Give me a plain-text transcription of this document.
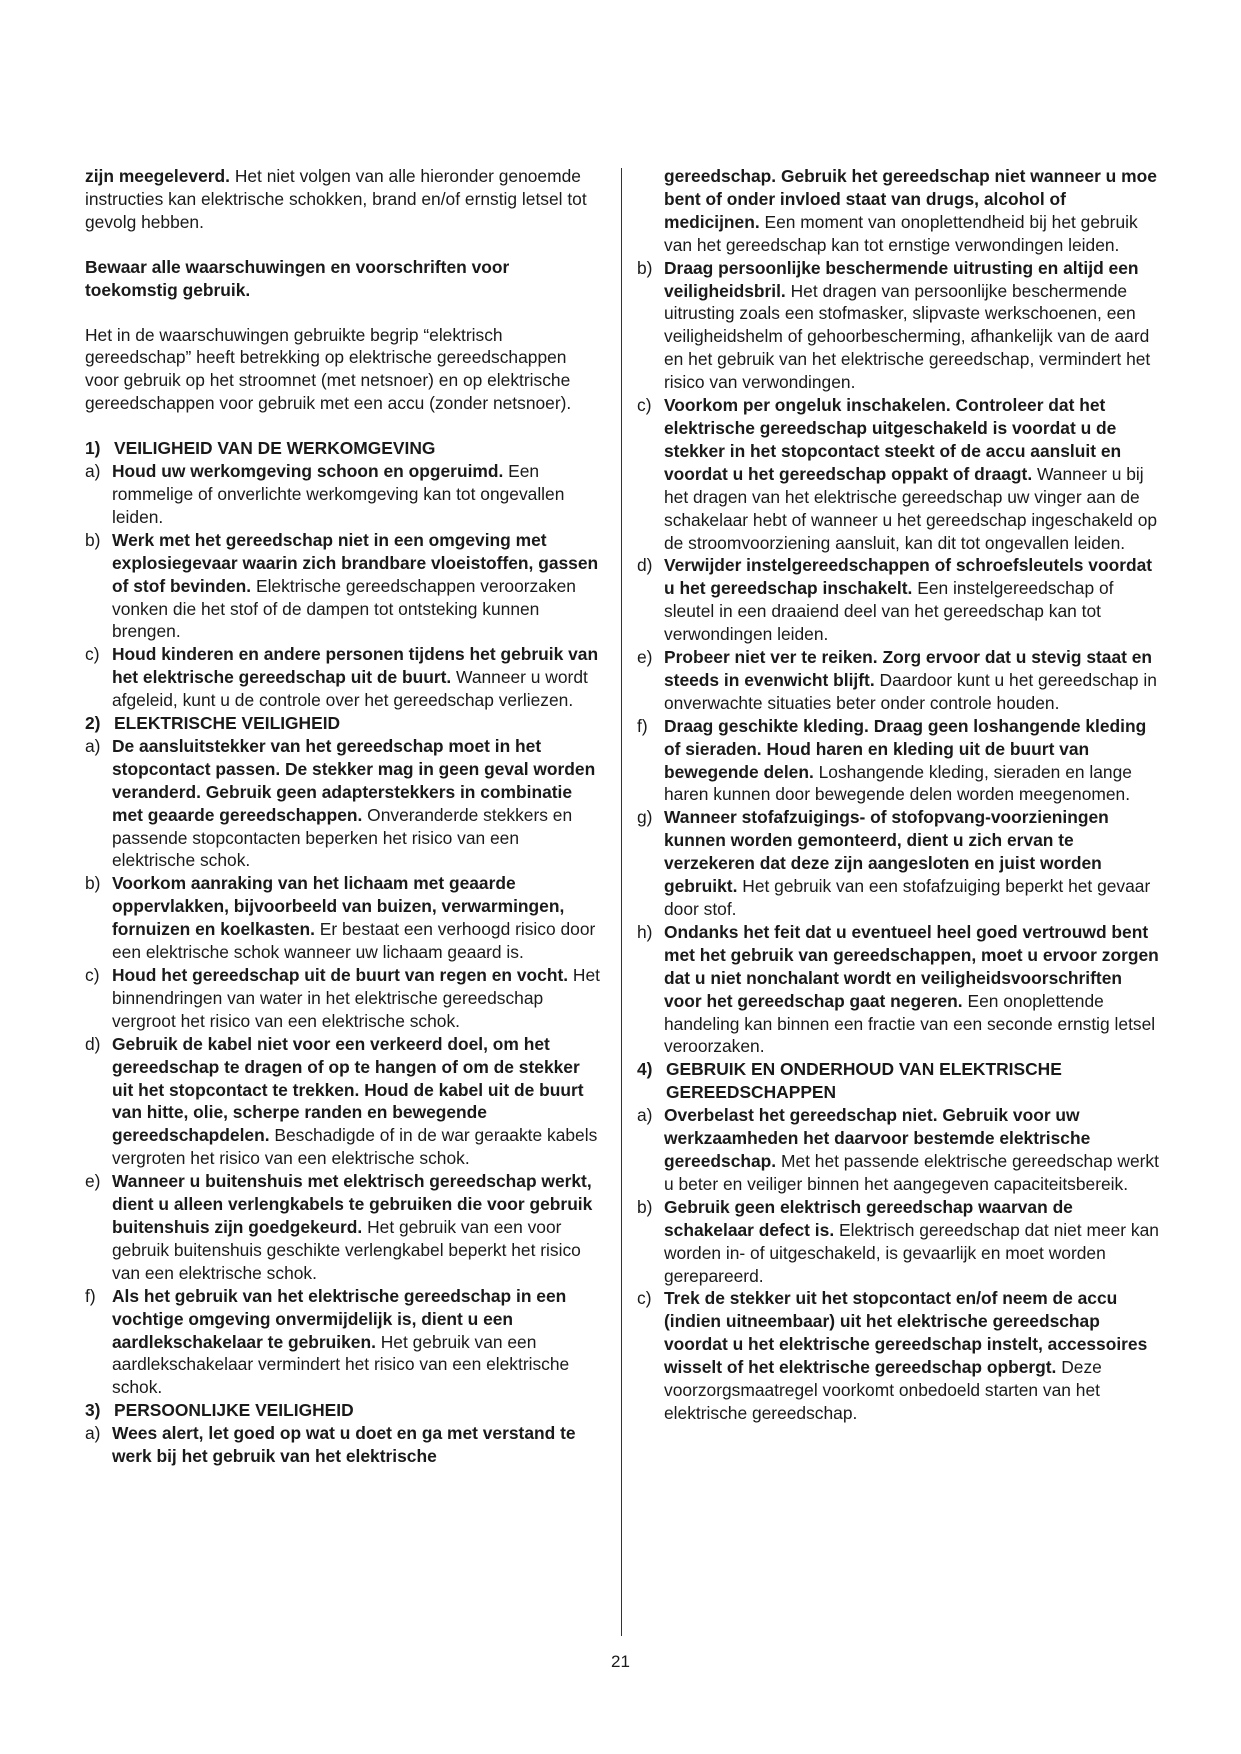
zijn meegeleverd. Het niet volgen van alle hieronder genoemde instructies kan elektrische schokken, brand en/of ernstig letsel tot gevolg hebben.

Bewaar alle waarschuwingen en voorschriften voor toekomstig gebruik.

Het in de waarschuwingen gebruikte begrip “elektrisch gereedschap” heeft betrekking op elektrische gereedschappen voor gebruik op het stroomnet (met netsnoer) en op elektrische gereedschappen voor gebruik met een accu (zonder netsnoer).

1) VEILIGHEID VAN DE WERKOMGEVING
a) Houd uw werkomgeving schoon en opgeruimd. Een rommelige of onverlichte werkomgeving kan tot ongevallen leiden.

b) Werk met het gereedschap niet in een omgeving met explosiegevaar waarin zich brandbare vloeistoffen, gassen of stof bevinden. Elektrische gereedschappen veroorzaken vonken die het stof of de dampen tot ontsteking kunnen brengen.

c) Houd kinderen en andere personen tijdens het gebruik van het elektrische gereedschap uit de buurt. Wanneer u wordt afgeleid, kunt u de controle over het gereedschap verliezen.

2) ELEKTRISCHE VEILIGHEID
a) De aansluitstekker van het gereedschap moet in het stopcontact passen. De stekker mag in geen geval worden veranderd. Gebruik geen adapterstekkers in combinatie met geaarde gereedschappen. Onveranderde stekkers en passende stopcontacten beperken het risico van een elektrische schok.

b) Voorkom aanraking van het lichaam met geaarde oppervlakken, bijvoorbeeld van buizen, verwarmingen, fornuizen en koelkasten. Er bestaat een verhoogd risico door een elektrische schok wanneer uw lichaam geaard is.

c) Houd het gereedschap uit de buurt van regen en vocht. Het binnendringen van water in het elektrische gereedschap vergroot het risico van een elektrische schok.

d) Gebruik de kabel niet voor een verkeerd doel, om het gereedschap te dragen of op te hangen of om de stekker uit het stopcontact te trekken. Houd de kabel uit de buurt van hitte, olie, scherpe randen en bewegende gereedschapdelen. Beschadigde of in de war geraakte kabels vergroten het risico van een elektrische schok.

e) Wanneer u buitenshuis met elektrisch gereedschap werkt, dient u alleen verlengkabels te gebruiken die voor gebruik buitenshuis zijn goedgekeurd. Het gebruik van een voor gebruik buitenshuis geschikte verlengkabel beperkt het risico van een elektrische schok.

f) Als het gebruik van het elektrische gereedschap in een vochtige omgeving onvermijdelijk is, dient u een aardlekschakelaar te gebruiken. Het gebruik van een aardlekschakelaar vermindert het risico van een elektrische schok.

3) PERSOONLIJKE VEILIGHEID
a) Wees alert, let goed op wat u doet en ga met verstand te werk bij het gebruik van het elektrische

gereedschap. Gebruik het gereedschap niet wanneer u moe bent of onder invloed staat van drugs, alcohol of medicijnen. Een moment van onoplettendheid bij het gebruik van het gereedschap kan tot ernstige verwondingen leiden.

b) Draag persoonlijke beschermende uitrusting en altijd een veiligheidsbril. Het dragen van persoonlijke beschermende uitrusting zoals een stofmasker, slipvaste werkschoenen, een veiligheidshelm of gehoorbescherming, afhankelijk van de aard en het gebruik van het elektrische gereedschap, vermindert het risico van verwondingen.

c) Voorkom per ongeluk inschakelen. Controleer dat het elektrische gereedschap uitgeschakeld is voordat u de stekker in het stopcontact steekt of de accu aansluit en voordat u het gereedschap oppakt of draagt. Wanneer u bij het dragen van het elektrische gereedschap uw vinger aan de schakelaar hebt of wanneer u het gereedschap ingeschakeld op de stroomvoorziening aansluit, kan dit tot ongevallen leiden.

d) Verwijder instelgereedschappen of schroefsleutels voordat u het gereedschap inschakelt. Een instelgereedschap of sleutel in een draaiend deel van het gereedschap kan tot verwondingen leiden.

e) Probeer niet ver te reiken. Zorg ervoor dat u stevig staat en steeds in evenwicht blijft. Daardoor kunt u het gereedschap in onverwachte situaties beter onder controle houden.

f) Draag geschikte kleding. Draag geen loshangende kleding of sieraden. Houd haren en kleding uit de buurt van bewegende delen. Loshangende kleding, sieraden en lange haren kunnen door bewegende delen worden meegenomen.

g) Wanneer stofafzuigings- of stofopvang-voorzieningen kunnen worden gemonteerd, dient u zich ervan te verzekeren dat deze zijn aangesloten en juist worden gebruikt. Het gebruik van een stofafzuiging beperkt het gevaar door stof.

h) Ondanks het feit dat u eventueel heel goed vertrouwd bent met het gebruik van gereedschappen, moet u ervoor zorgen dat u niet nonchalant wordt en veiligheidsvoorschriften voor het gereedschap gaat negeren. Een onoplettende handeling kan binnen een fractie van een seconde ernstig letsel veroorzaken.

4) GEBRUIK EN ONDERHOUD VAN ELEKTRISCHE GEREEDSCHAPPEN
a) Overbelast het gereedschap niet. Gebruik voor uw werkzaamheden het daarvoor bestemde elektrische gereedschap. Met het passende elektrische gereedschap werkt u beter en veiliger binnen het aangegeven capaciteitsbereik.

b) Gebruik geen elektrisch gereedschap waarvan de schakelaar defect is. Elektrisch gereedschap dat niet meer kan worden in- of uitgeschakeld, is gevaarlijk en moet worden gerepareerd.

c) Trek de stekker uit het stopcontact en/of neem de accu (indien uitneembaar) uit het elektrische gereedschap voordat u het elektrische gereedschap instelt, accessoires wisselt of het elektrische gereedschap opbergt. Deze voorzorgsmaatregel voorkomt onbedoeld starten van het elektrische gereedschap.

21
